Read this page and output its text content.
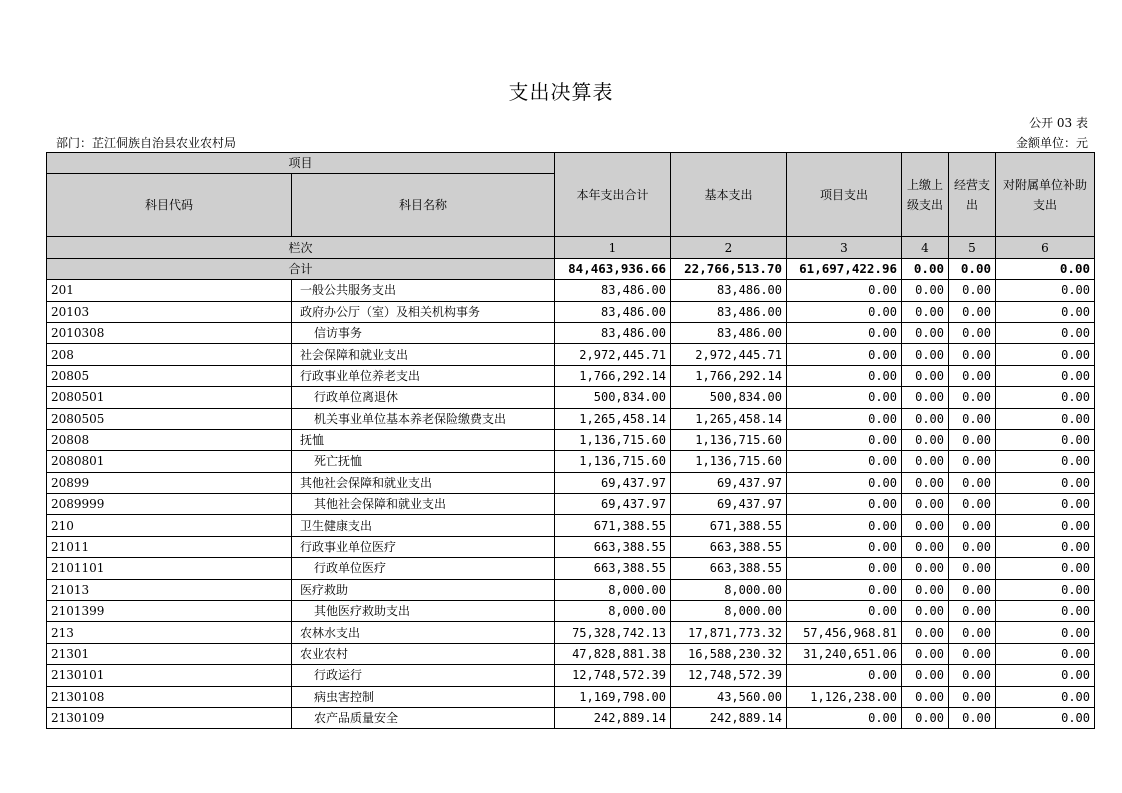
支出决算表
公开 03 表
部门：芷江侗族自治县农业农村局	金额单位：元
项目		本年支出合计	基本支出	项目支出	上缴上级支出	经营支出	对附属单位补助支出
科目代码	科目名称						
栏次		1	2	3	4	5	6
合计		84,463,936.66	22,766,513.70	61,697,422.96	0.00	0.00	0.00
201	一般公共服务支出	83,486.00	83,486.00	0.00	0.00	0.00	0.00
20103	政府办公厅（室）及相关机构事务	83,486.00	83,486.00	0.00	0.00	0.00	0.00
2010308	信访事务	83,486.00	83,486.00	0.00	0.00	0.00	0.00
208	社会保障和就业支出	2,972,445.71	2,972,445.71	0.00	0.00	0.00	0.00
20805	行政事业单位养老支出	1,766,292.14	1,766,292.14	0.00	0.00	0.00	0.00
2080501	行政单位离退休	500,834.00	500,834.00	0.00	0.00	0.00	0.00
2080505	机关事业单位基本养老保险缴费支出	1,265,458.14	1,265,458.14	0.00	0.00	0.00	0.00
20808	抚恤	1,136,715.60	1,136,715.60	0.00	0.00	0.00	0.00
2080801	死亡抚恤	1,136,715.60	1,136,715.60	0.00	0.00	0.00	0.00
20899	其他社会保障和就业支出	69,437.97	69,437.97	0.00	0.00	0.00	0.00
2089999	其他社会保障和就业支出	69,437.97	69,437.97	0.00	0.00	0.00	0.00
210	卫生健康支出	671,388.55	671,388.55	0.00	0.00	0.00	0.00
21011	行政事业单位医疗	663,388.55	663,388.55	0.00	0.00	0.00	0.00
2101101	行政单位医疗	663,388.55	663,388.55	0.00	0.00	0.00	0.00
21013	医疗救助	8,000.00	8,000.00	0.00	0.00	0.00	0.00
2101399	其他医疗救助支出	8,000.00	8,000.00	0.00	0.00	0.00	0.00
213	农林水支出	75,328,742.13	17,871,773.32	57,456,968.81	0.00	0.00	0.00
21301	农业农村	47,828,881.38	16,588,230.32	31,240,651.06	0.00	0.00	0.00
2130101	行政运行	12,748,572.39	12,748,572.39	0.00	0.00	0.00	0.00
2130108	病虫害控制	1,169,798.00	43,560.00	1,126,238.00	0.00	0.00	0.00
2130109	农产品质量安全	242,889.14	242,889.14	0.00	0.00	0.00	0.00
